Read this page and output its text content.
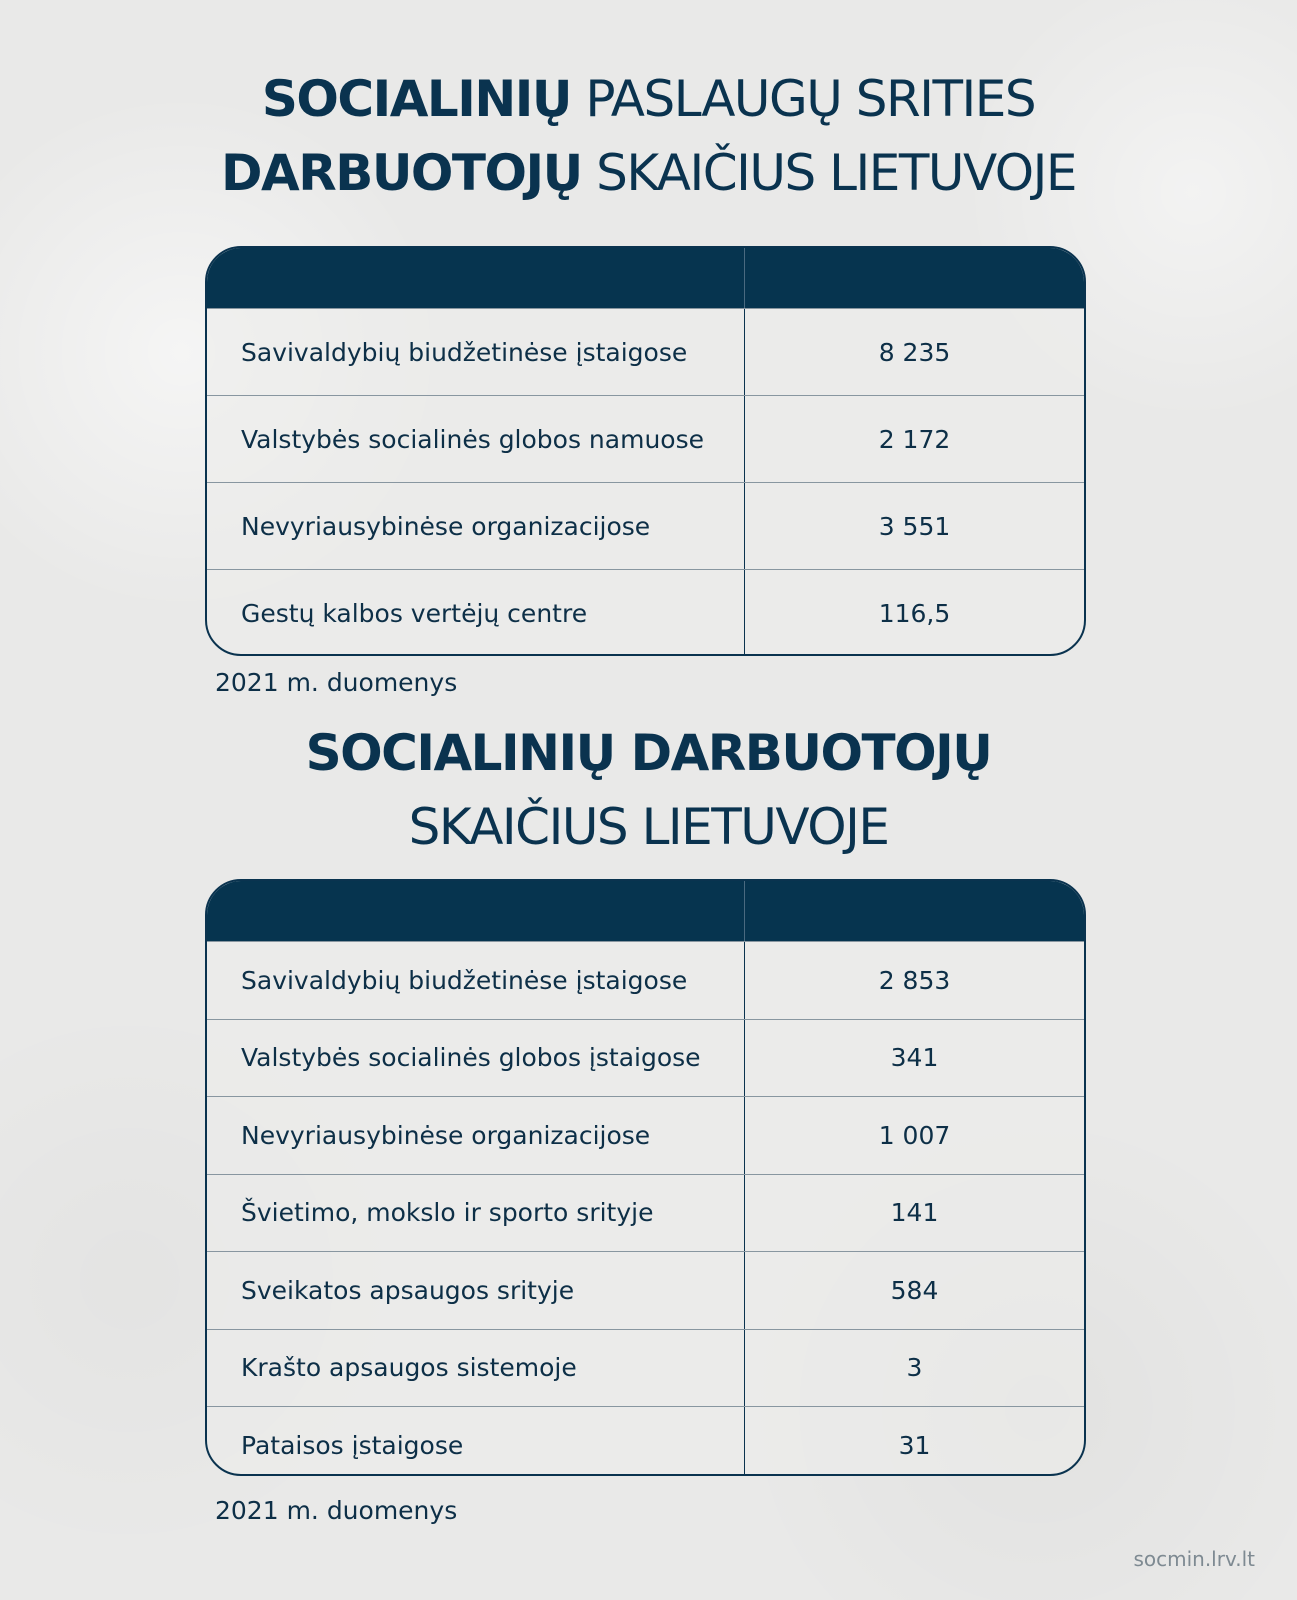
SOCIALINIŲ PASLAUGŲ SRITIES
DARBUOTOJŲ SKAIČIUS LIETUVOJE
Savivaldybių biudžetinėse įstaigose	8 235
Valstybės socialinės globos namuose	2 172
Nevyriausybinėse organizacijose	3 551
Gestų kalbos vertėjų centre	116,5
2021 m. duomenys
SOCIALINIŲ DARBUOTOJŲ
SKAIČIUS LIETUVOJE
Savivaldybių biudžetinėse įstaigose	2 853
Valstybės socialinės globos įstaigose	341
Nevyriausybinėse organizacijose	1 007
Švietimo, mokslo ir sporto srityje	141
Sveikatos apsaugos srityje	584
Krašto apsaugos sistemoje	3
Pataisos įstaigose	31
2021 m. duomenys
socmin.lrv.lt
